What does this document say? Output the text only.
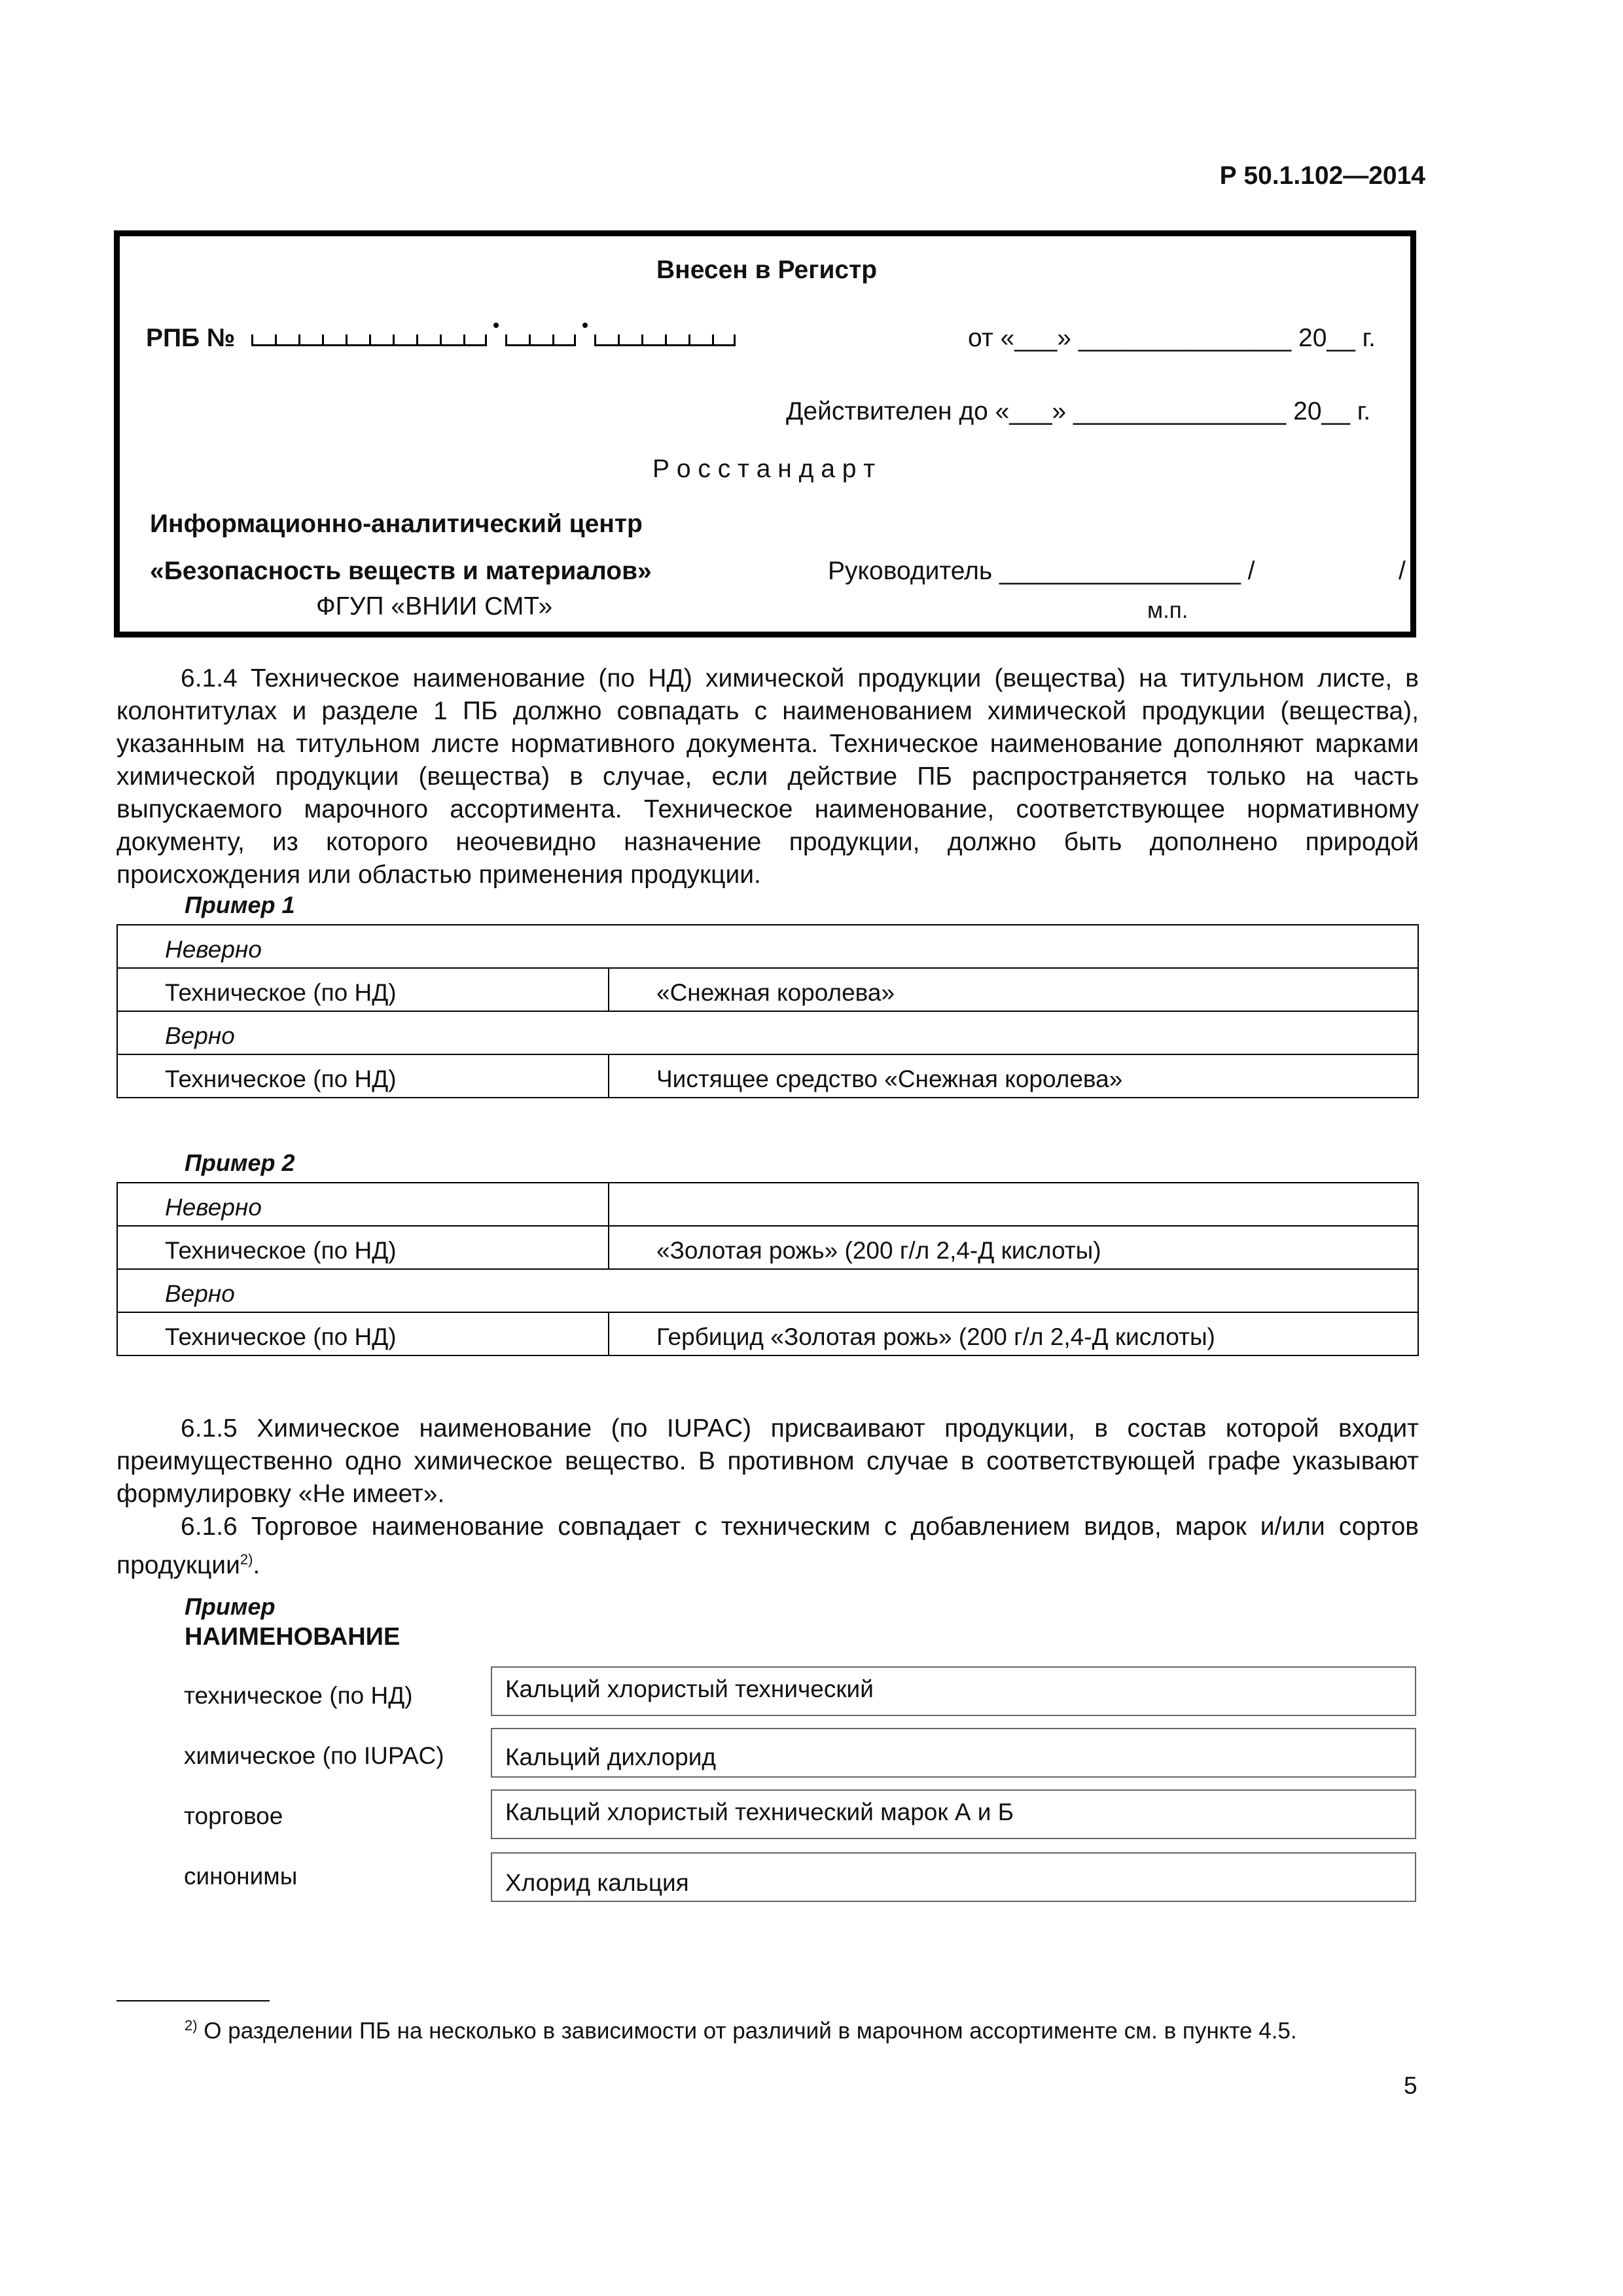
Р 50.1.102—2014
Внесен в Регистр
РПБ №	от «___» _______________ 20__ г.
Действителен до «___» _______________ 20__ г.
Р о с с т а н д а р т
Информационно-аналитический центр
«Безопасность веществ и материалов»	Руководитель _________________ /	/
ФГУП «ВНИИ СМТ»	м.п.
6.1.4 Техническое наименование (по НД) химической продукции (вещества) на титульном листе, в колонтитулах и разделе 1 ПБ должно совпадать с наименованием химической продукции (вещества), указанным на титульном листе нормативного документа. Техническое наименование дополняют марками химической продукции (вещества) в случае, если действие ПБ распространяется только на часть выпускаемого марочного ассортимента. Техническое наименование, соответствующее нормативному документу, из которого неочевидно назначение продукции, должно быть дополнено природой происхождения или областью применения продукции.
Пример 1
Неверно	
Техническое (по НД)	«Снежная королева»
Верно	
Техническое (по НД)	Чистящее средство «Снежная королева»
Пример 2
Неверно	
Техническое (по НД)	«Золотая рожь» (200 г/л 2,4-Д кислоты)
Верно	
Техническое (по НД)	Гербицид «Золотая рожь» (200 г/л 2,4-Д кислоты)
6.1.5 Химическое наименование (по IUPAC) присваивают продукции, в состав которой входит преимущественно одно химическое вещество. В противном случае в соответствующей графе указывают формулировку «Не имеет».
6.1.6 Торговое наименование совпадает с техническим с добавлением видов, марок и/или сортов продукции$^{2)}$.
Пример
НАИМЕНОВАНИЕ
техническое (по НД)	Кальций хлористый технический
химическое (по IUPAC)	Кальций дихлорид
торговое	Кальций хлористый технический марок А и Б
синонимы	Хлорид кальция
$^{2)}$ О разделении ПБ на несколько в зависимости от различий в марочном ассортименте см. в пункте 4.5.
5
